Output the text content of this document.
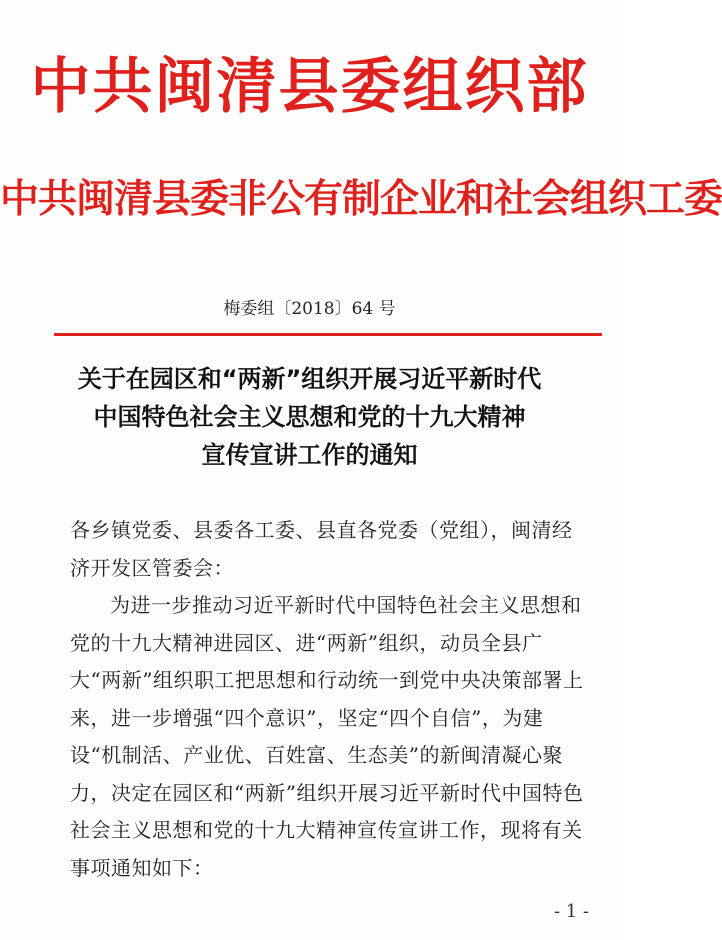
中共闽清县委组织部
中共闽清县委非公有制企业和社会组织工委
梅委组〔2018〕64 号
关于在园区和“两新”组织开展习近平新时代
中国特色社会主义思想和党的十九大精神
宣传宣讲工作的通知

各乡镇党委、县委各工委、县直各党委（党组），闽清经济开发区管委会：

为进一步推动习近平新时代中国特色社会主义思想和党的十九大精神进园区、进“两新”组织，动员全县广大“两新”组织职工把思想和行动统一到党中央决策部署上来，进一步增强“四个意识”，坚定“四个自信”，为建设“机制活、产业优、百姓富、生态美”的新闽清凝心聚力，决定在园区和“两新”组织开展习近平新时代中国特色社会主义思想和党的十九大精神宣传宣讲工作，现将有关事项通知如下：

- 1 -
